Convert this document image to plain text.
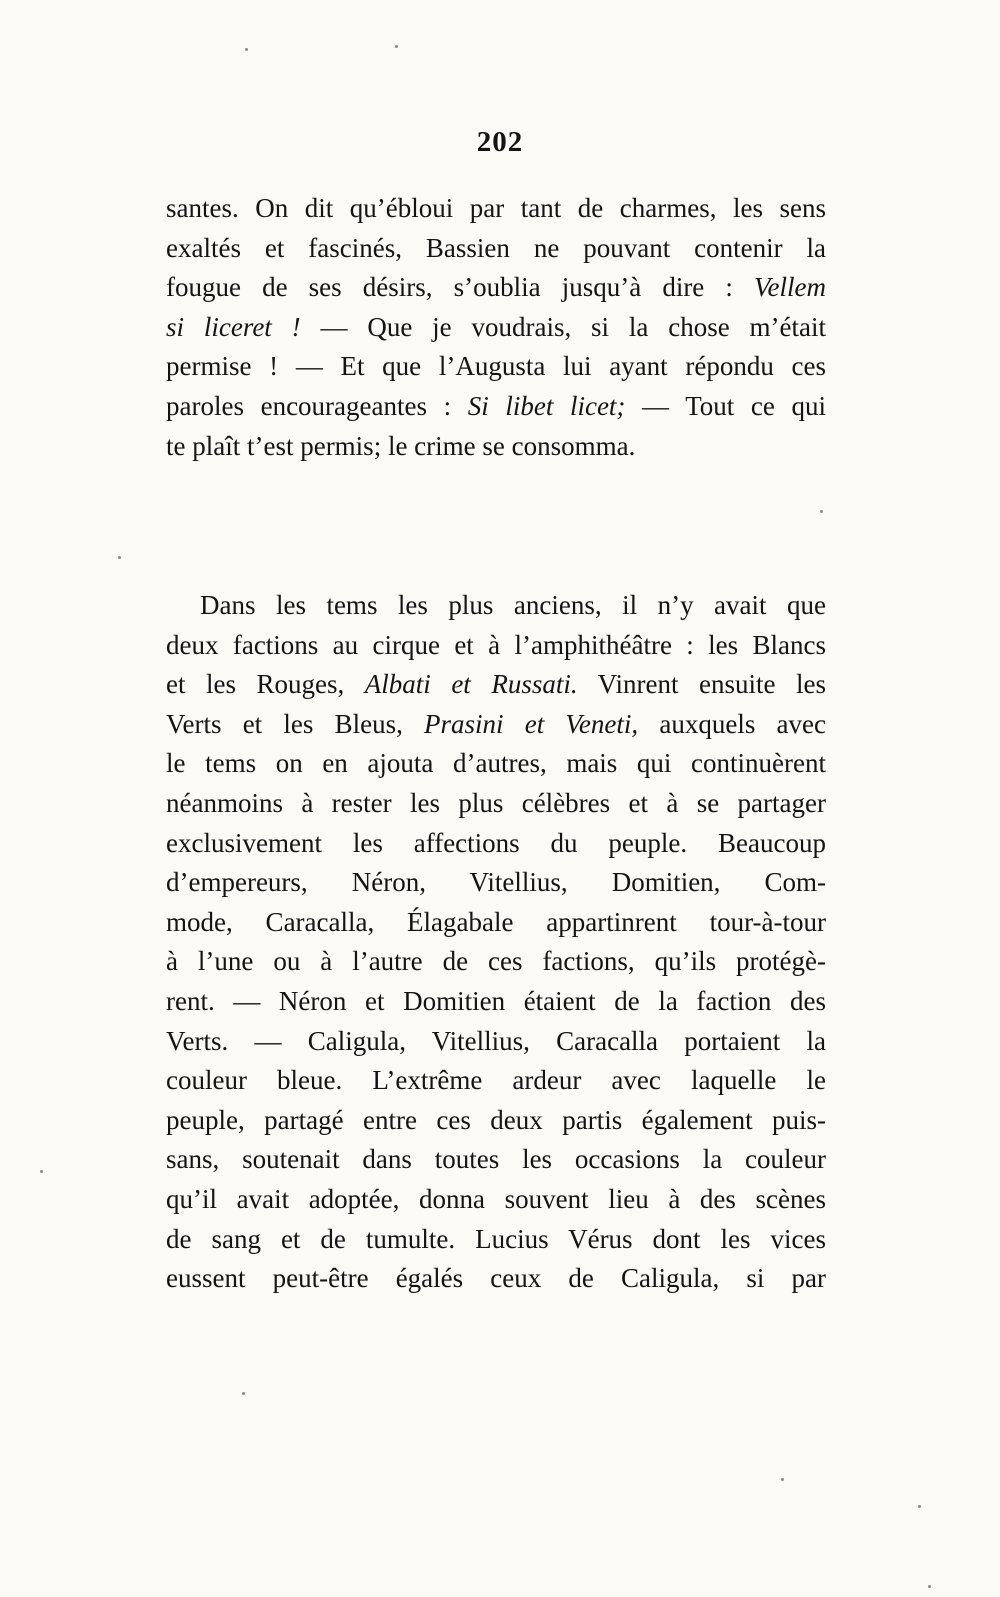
202
santes. On dit qu’ébloui par tant de charmes, les sens
exaltés et fascinés, Bassien ne pouvant contenir la
fougue de ses désirs, s’oublia jusqu’à dire : Vellem
si liceret ! — Que je voudrais, si la chose m’était
permise ! — Et que l’Augusta lui ayant répondu ces
paroles encourageantes : Si libet licet; — Tout ce qui
te plaît t’est permis; le crime se consomma.
Dans les tems les plus anciens, il n’y avait que
deux factions au cirque et à l’amphithéâtre : les Blancs
et les Rouges, Albati et Russati. Vinrent ensuite les
Verts et les Bleus, Prasini et Veneti, auxquels avec
le tems on en ajouta d’autres, mais qui continuèrent
néanmoins à rester les plus célèbres et à se partager
exclusivement les affections du peuple. Beaucoup
d’empereurs, Néron, Vitellius, Domitien, Com-
mode, Caracalla, Élagabale appartinrent tour-à-tour
à l’une ou à l’autre de ces factions, qu’ils protégè-
rent. — Néron et Domitien étaient de la faction des
Verts. — Caligula, Vitellius, Caracalla portaient la
couleur bleue. L’extrême ardeur avec laquelle le
peuple, partagé entre ces deux partis également puis-
sans, soutenait dans toutes les occasions la couleur
qu’il avait adoptée, donna souvent lieu à des scènes
de sang et de tumulte. Lucius Vérus dont les vices
eussent peut-être égalés ceux de Caligula, si par
